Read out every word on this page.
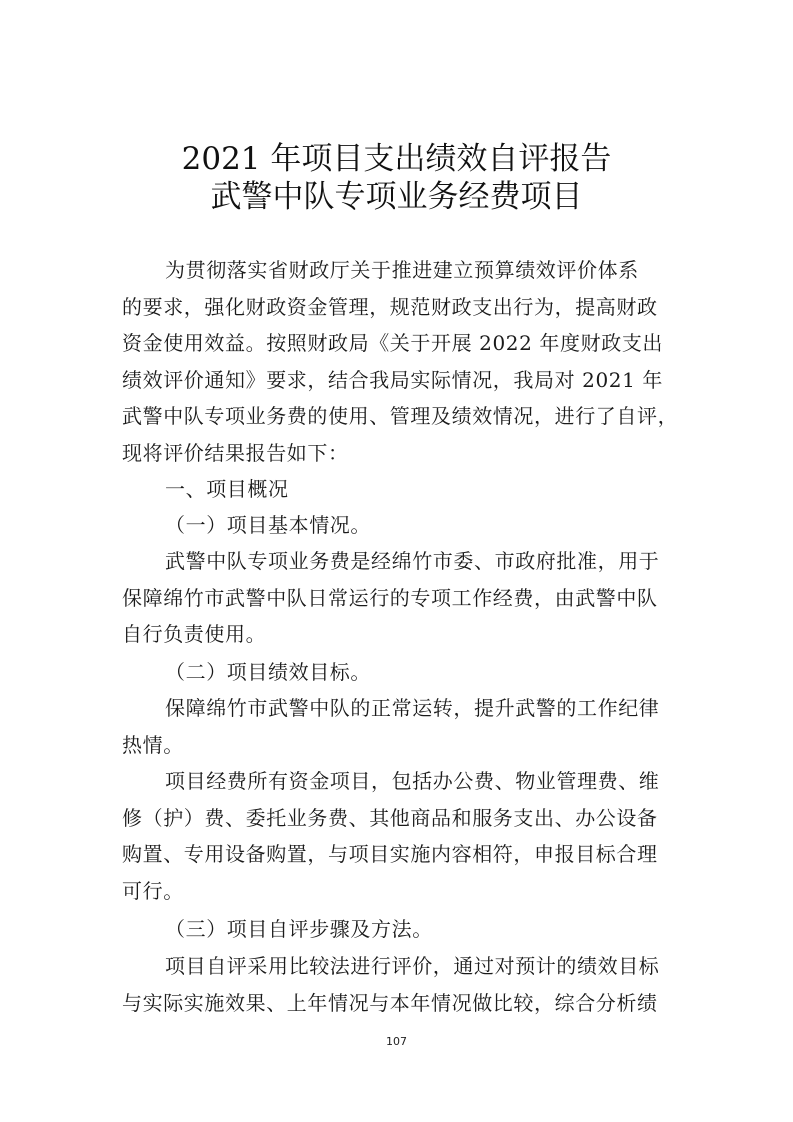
2021 年项目支出绩效自评报告
武警中队专项业务经费项目
为贯彻落实省财政厅关于推进建立预算绩效评价体系
的要求，强化财政资金管理，规范财政支出行为，提高财政
资金使用效益。按照财政局《关于开展 2022 年度财政支出
绩效评价通知》要求，结合我局实际情况，我局对 2021 年
武警中队专项业务费的使用、管理及绩效情况，进行了自评，
现将评价结果报告如下：
一、项目概况
（一）项目基本情况。
武警中队专项业务费是经绵竹市委、市政府批准，用于
保障绵竹市武警中队日常运行的专项工作经费，由武警中队
自行负责使用。
（二）项目绩效目标。
保障绵竹市武警中队的正常运转，提升武警的工作纪律
热情。
项目经费所有资金项目，包括办公费、物业管理费、维
修（护）费、委托业务费、其他商品和服务支出、办公设备
购置、专用设备购置，与项目实施内容相符，申报目标合理
可行。
（三）项目自评步骤及方法。
项目自评采用比较法进行评价，通过对预计的绩效目标
与实际实施效果、上年情况与本年情况做比较，综合分析绩
107
